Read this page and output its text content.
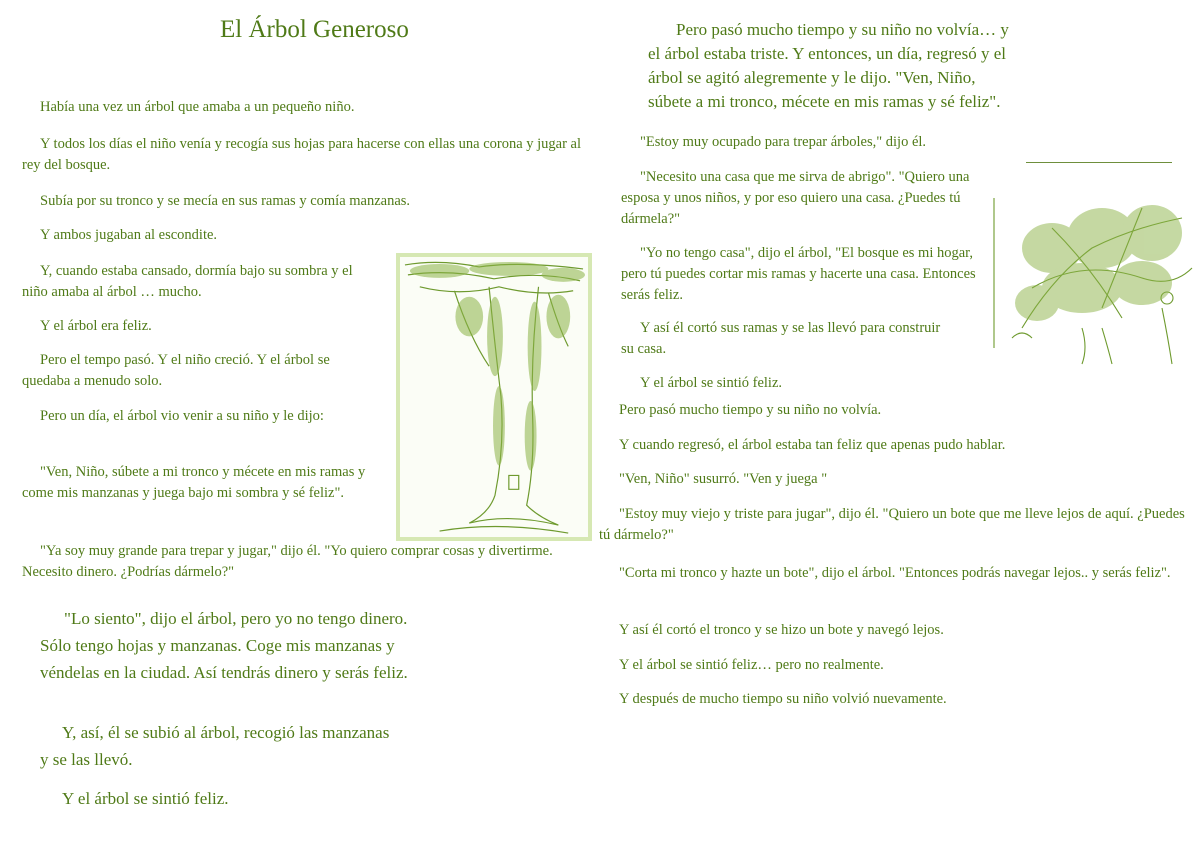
El Árbol Generoso

Había una vez un árbol que amaba a un pequeño niño.

Y todos los días el niño venía y recogía sus hojas para hacerse con ellas una corona y jugar al rey del bosque.

Subía por su tronco y se mecía en sus ramas y comía manzanas.

Y ambos jugaban al escondite.

Y, cuando estaba cansado, dormía bajo su sombra y el niño amaba al árbol … mucho.

Y el árbol era feliz.

Pero el tempo pasó. Y el niño creció. Y el árbol se quedaba a menudo solo.

Pero un día, el árbol vio venir a su niño y le dijo:

"Ven, Niño, súbete a mi tronco y mécete en mis ramas y come mis manzanas y juega bajo mi sombra y sé feliz".

"Ya soy muy grande para trepar y jugar," dijo él. "Yo quiero comprar cosas y divertirme. Necesito dinero. ¿Podrías dármelo?"

"Lo siento", dijo el árbol, pero yo no tengo dinero. Sólo tengo hojas y manzanas. Coge mis manzanas y véndelas en la ciudad. Así tendrás dinero y serás feliz.

Y, así, él se subió al árbol, recogió las manzanas y se las llevó.

Y el árbol se sintió feliz.

Pero pasó mucho tiempo y su niño no volvía… y el árbol estaba triste. Y entonces, un día, regresó y el árbol se agitó alegremente y le dijo. "Ven, Niño, súbete a mi tronco, mécete en mis ramas y sé feliz".

"Estoy muy ocupado para trepar árboles," dijo él.

"Necesito una casa que me sirva de abrigo". "Quiero una esposa y unos niños, y por eso quiero una casa. ¿Puedes tú dármela?"

"Yo no tengo casa", dijo el árbol, "El bosque es mi hogar, pero tú puedes cortar mis ramas y hacerte una casa. Entonces serás feliz.

Y así él cortó sus ramas y se las llevó para construir su casa.

Y el árbol se sintió feliz.

Pero pasó mucho tiempo y su niño no volvía.

Y cuando regresó, el árbol estaba tan feliz que apenas pudo hablar.

"Ven, Niño" susurró. "Ven y juega "

"Estoy muy viejo y triste para jugar", dijo él. "Quiero un bote que me lleve lejos de aquí. ¿Puedes tú dármelo?"

"Corta mi tronco y hazte un bote", dijo el árbol. "Entonces podrás navegar lejos.. y serás feliz".

Y así él cortó el tronco y se hizo un bote y navegó lejos.

Y el árbol se sintió feliz… pero no realmente.

Y después de mucho tiempo su niño volvió nuevamente.
